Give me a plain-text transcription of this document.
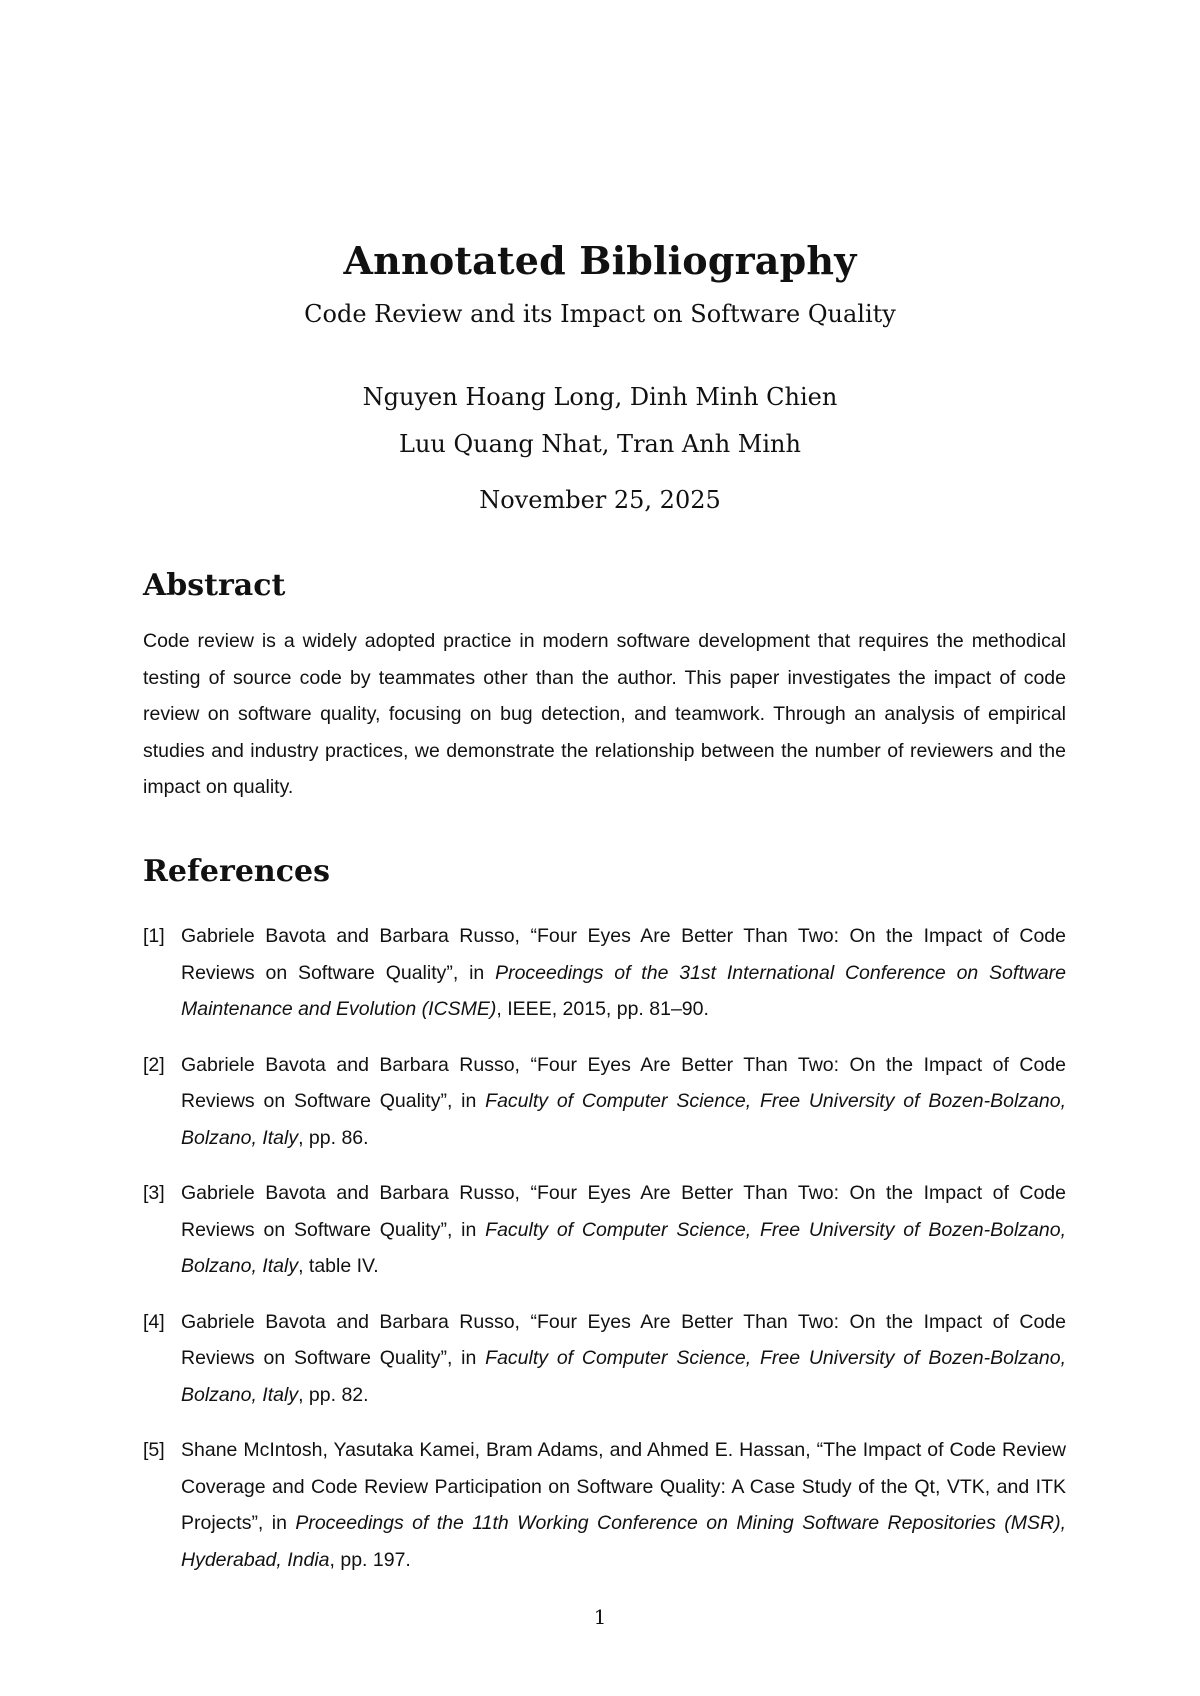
Annotated Bibliography
Code Review and its Impact on Software Quality
Nguyen Hoang Long, Dinh Minh Chien
Luu Quang Nhat, Tran Anh Minh
November 25, 2025
Abstract
Code review is a widely adopted practice in modern software development that requires the methodical testing of source code by teammates other than the author. This paper investigates the impact of code review on software quality, focusing on bug detection, and teamwork. Through an analysis of empirical studies and industry practices, we demonstrate the relationship between the number of reviewers and the impact on quality.
References
[1] Gabriele Bavota and Barbara Russo, “Four Eyes Are Better Than Two: On the Impact of Code Reviews on Software Quality”, in Proceedings of the 31st International Conference on Software Maintenance and Evolution (ICSME), IEEE, 2015, pp. 81–90.
[2] Gabriele Bavota and Barbara Russo, “Four Eyes Are Better Than Two: On the Impact of Code Reviews on Software Quality”, in Faculty of Computer Science, Free University of Bozen-Bolzano, Bolzano, Italy, pp. 86.
[3] Gabriele Bavota and Barbara Russo, “Four Eyes Are Better Than Two: On the Impact of Code Reviews on Software Quality”, in Faculty of Computer Science, Free University of Bozen-Bolzano, Bolzano, Italy, table IV.
[4] Gabriele Bavota and Barbara Russo, “Four Eyes Are Better Than Two: On the Impact of Code Reviews on Software Quality”, in Faculty of Computer Science, Free University of Bozen-Bolzano, Bolzano, Italy, pp. 82.
[5] Shane McIntosh, Yasutaka Kamei, Bram Adams, and Ahmed E. Hassan, “The Impact of Code Review Coverage and Code Review Participation on Software Quality: A Case Study of the Qt, VTK, and ITK Projects”, in Proceedings of the 11th Working Conference on Mining Software Repositories (MSR), Hyderabad, India, pp. 197.
1
